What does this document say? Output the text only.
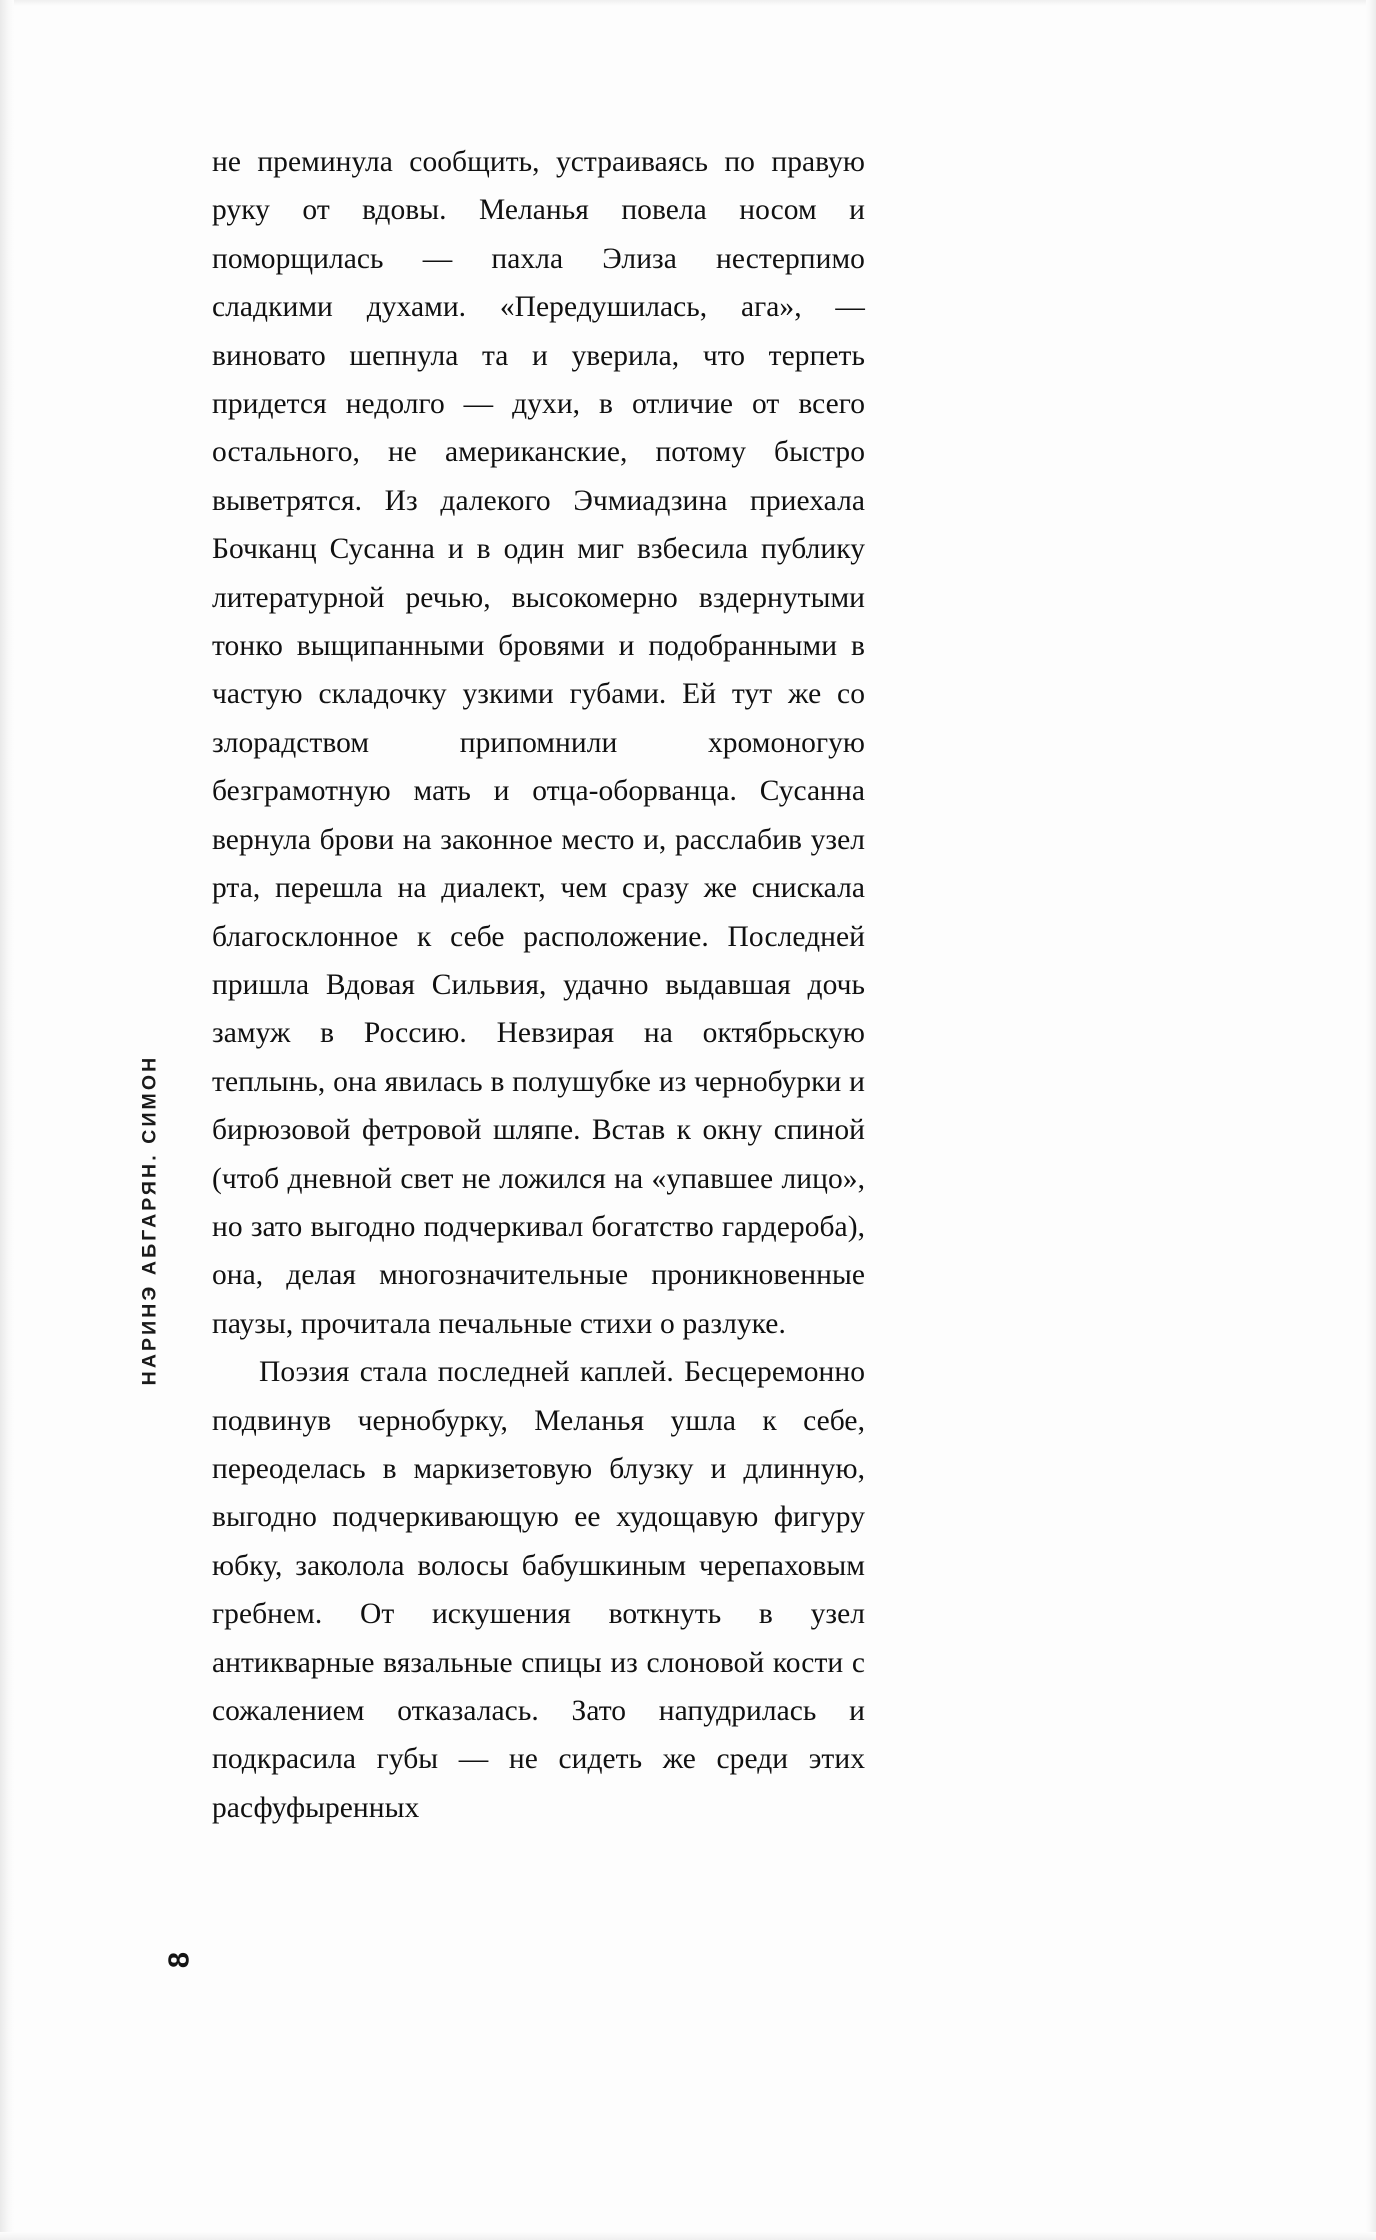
не преминула сообщить, устраиваясь по правую руку от вдовы. Меланья повела носом и поморщилась — пахла Элиза нестерпимо сладкими духами. «Передушилась, ага», — виновато шепнула та и уверила, что терпеть придется недолго — духи, в отличие от всего остального, не американские, потому быстро выветрятся. Из далекого Эчмиадзина приехала Бочканц Сусанна и в один миг взбесила публику литературной речью, высокомерно вздернутыми тонко выщипанными бровями и подобранными в частую складочку узкими губами. Ей тут же со злорадством припомнили хромоногую безграмотную мать и отца-оборванца. Сусанна вернула брови на законное место и, расслабив узел рта, перешла на диалект, чем сразу же снискала благосклонное к себе расположение. Последней пришла Вдовая Сильвия, удачно выдавшая дочь замуж в Россию. Невзирая на октябрьскую теплынь, она явилась в полушубке из чернобурки и бирюзовой фетровой шляпе. Встав к окну спиной (чтоб дневной свет не ложился на «упавшее лицо», но зато выгодно подчеркивал богатство гардероба), она, делая многозначительные проникновенные паузы, прочитала печальные стихи о разлуке.

Поэзия стала последней каплей. Бесцеремонно подвинув чернобурку, Меланья ушла к себе, переоделась в маркизетовую блузку и длинную, выгодно подчеркивающую ее худощавую фигуру юбку, заколола волосы бабушкиным черепаховым гребнем. От искушения воткнуть в узел антикварные вязальные спицы из слоновой кости с сожалением отказалась. Зато напудрилась и подкрасила губы — не сидеть же среди этих расфуфыренных

НАРИНЭ АБГАРЯН. СИМОН
8
